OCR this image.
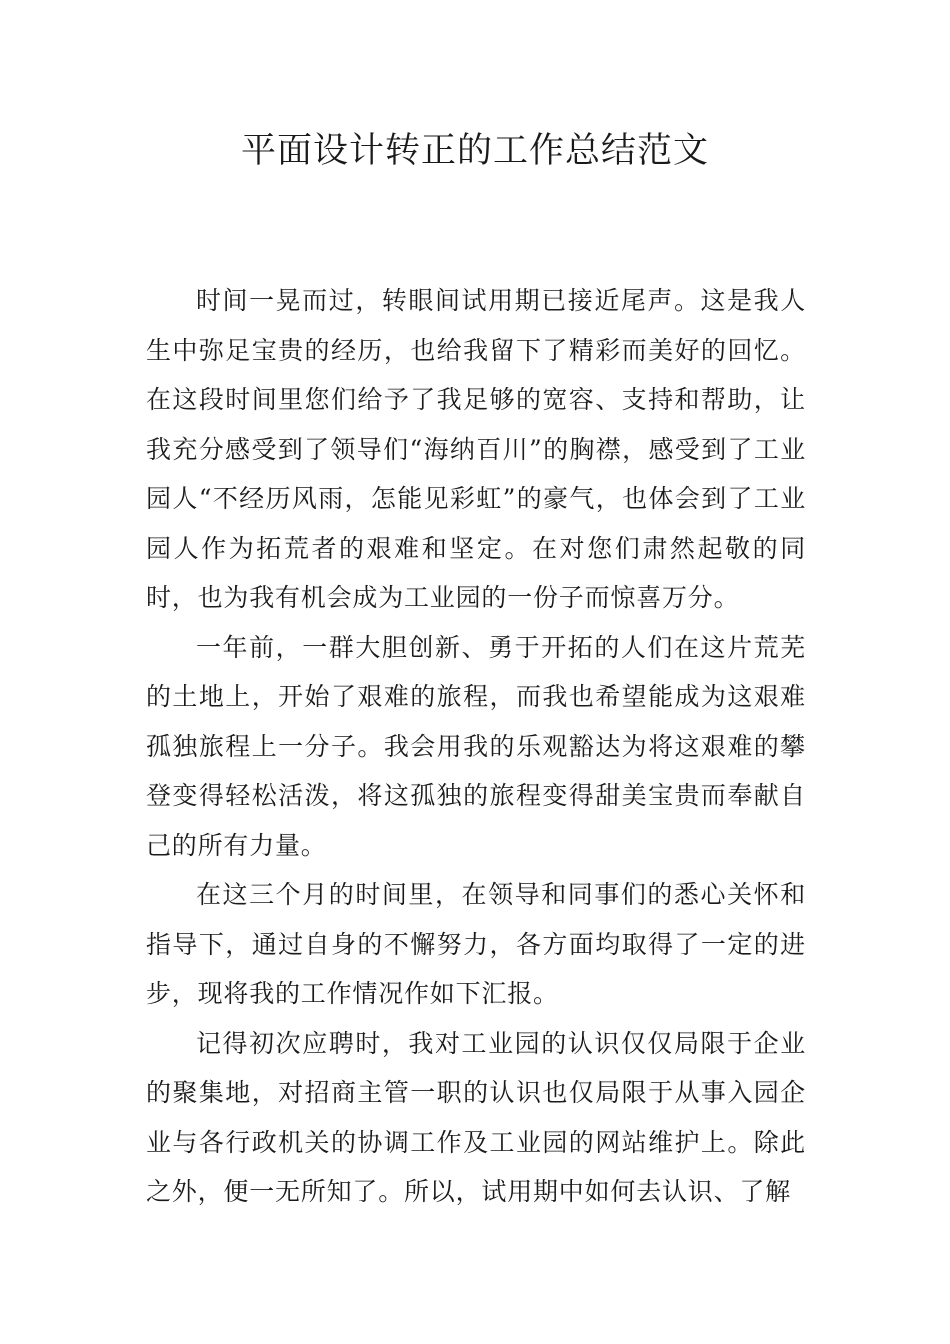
平面设计转正的工作总结范文

时间一晃而过，转眼间试用期已接近尾声。这是我人生中弥足宝贵的经历，也给我留下了精彩而美好的回忆。在这段时间里您们给予了我足够的宽容、支持和帮助，让我充分感受到了领导们“海纳百川”的胸襟，感受到了工业园人“不经历风雨，怎能见彩虹”的豪气，也体会到了工业园人作为拓荒者的艰难和坚定。在对您们肃然起敬的同时，也为我有机会成为工业园的一份子而惊喜万分。

一年前，一群大胆创新、勇于开拓的人们在这片荒芜的土地上，开始了艰难的旅程，而我也希望能成为这艰难孤独旅程上一分子。我会用我的乐观豁达为将这艰难的攀登变得轻松活泼，将这孤独的旅程变得甜美宝贵而奉献自己的所有力量。

在这三个月的时间里，在领导和同事们的悉心关怀和指导下，通过自身的不懈努力，各方面均取得了一定的进步，现将我的工作情况作如下汇报。

记得初次应聘时，我对工业园的认识仅仅局限于企业的聚集地，对招商主管一职的认识也仅局限于从事入园企业与各行政机关的协调工作及工业园的网站维护上。除此之外，便一无所知了。所以，试用期中如何去认识、了解
